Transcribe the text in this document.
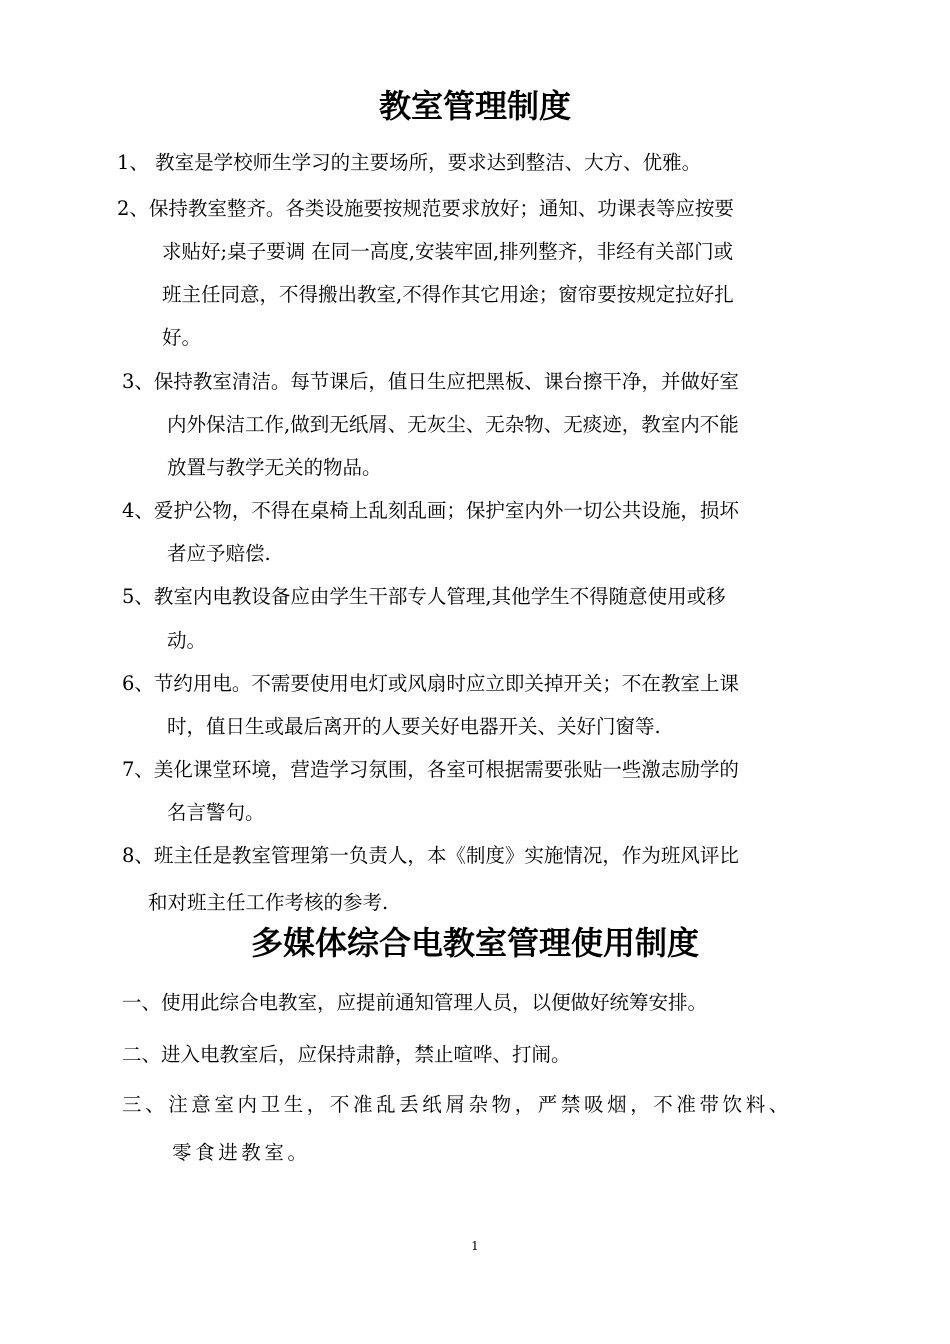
教室管理制度

1、 教室是学校师生学习的主要场所，要求达到整洁、大方、优雅。

2、保持教室整齐。各类设施要按规范要求放好；通知、功课表等应按要

求贴好;桌子要调 在同一高度,安装牢固,排列整齐，非经有关部门或

班主任同意，不得搬出教室,不得作其它用途；窗帘要按规定拉好扎

好。

3、保持教室清洁。每节课后，值日生应把黑板、课台擦干净，并做好室

内外保洁工作,做到无纸屑、无灰尘、无杂物、无痰迹，教室内不能

放置与教学无关的物品。

4、爱护公物，不得在桌椅上乱刻乱画；保护室内外一切公共设施，损坏

者应予赔偿.

5、教室内电教设备应由学生干部专人管理,其他学生不得随意使用或移

动。

6、节约用电。不需要使用电灯或风扇时应立即关掉开关；不在教室上课

时，值日生或最后离开的人要关好电器开关、关好门窗等.

7、美化课堂环境，营造学习氛围，各室可根据需要张贴一些激志励学的

名言警句。

8、班主任是教室管理第一负责人，本《制度》实施情况，作为班风评比

和对班主任工作考核的参考.

多媒体综合电教室管理使用制度

一、使用此综合电教室，应提前通知管理人员，以便做好统筹安排。

二、进入电教室后，应保持肃静，禁止喧哗、打闹。

三、注意室内卫生，不准乱丢纸屑杂物，严禁吸烟，不准带饮料、

零食进教室。

1
